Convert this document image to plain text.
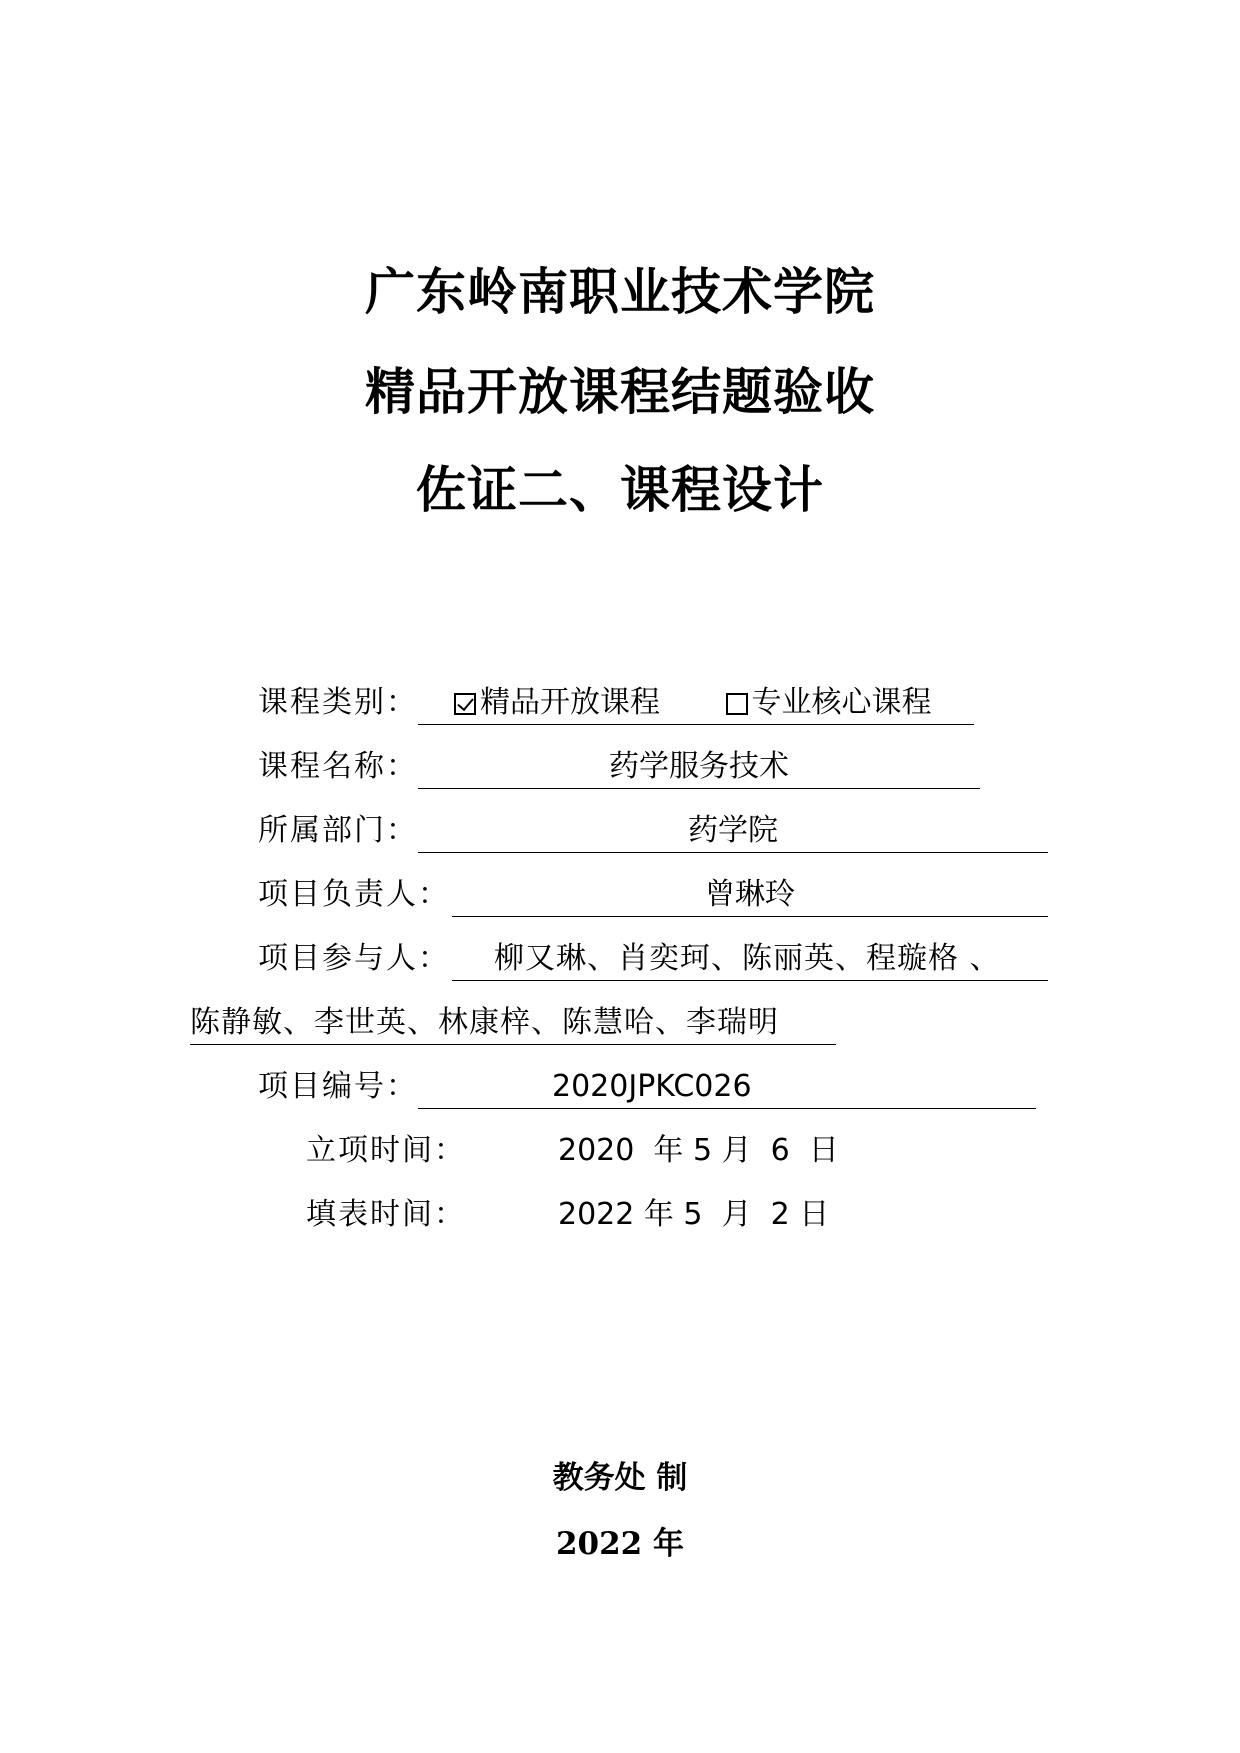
广东岭南职业技术学院
精品开放课程结题验收
佐证二、课程设计
课程类别：	精品开放课程	专业核心课程
课程名称：	药学服务技术
所属部门：	药学院
项目负责人：	曾琳玲
项目参与人：	柳又琳、肖奕珂、陈丽英、程璇格 、
陈静敏、李世英、林康梓、陈慧哈、李瑞明
项目编号：	2020JPKC026
立项时间：	2020  年 5 月  6  日
填表时间：	2022 年 5  月  2 日
教务处 制
2022 年
